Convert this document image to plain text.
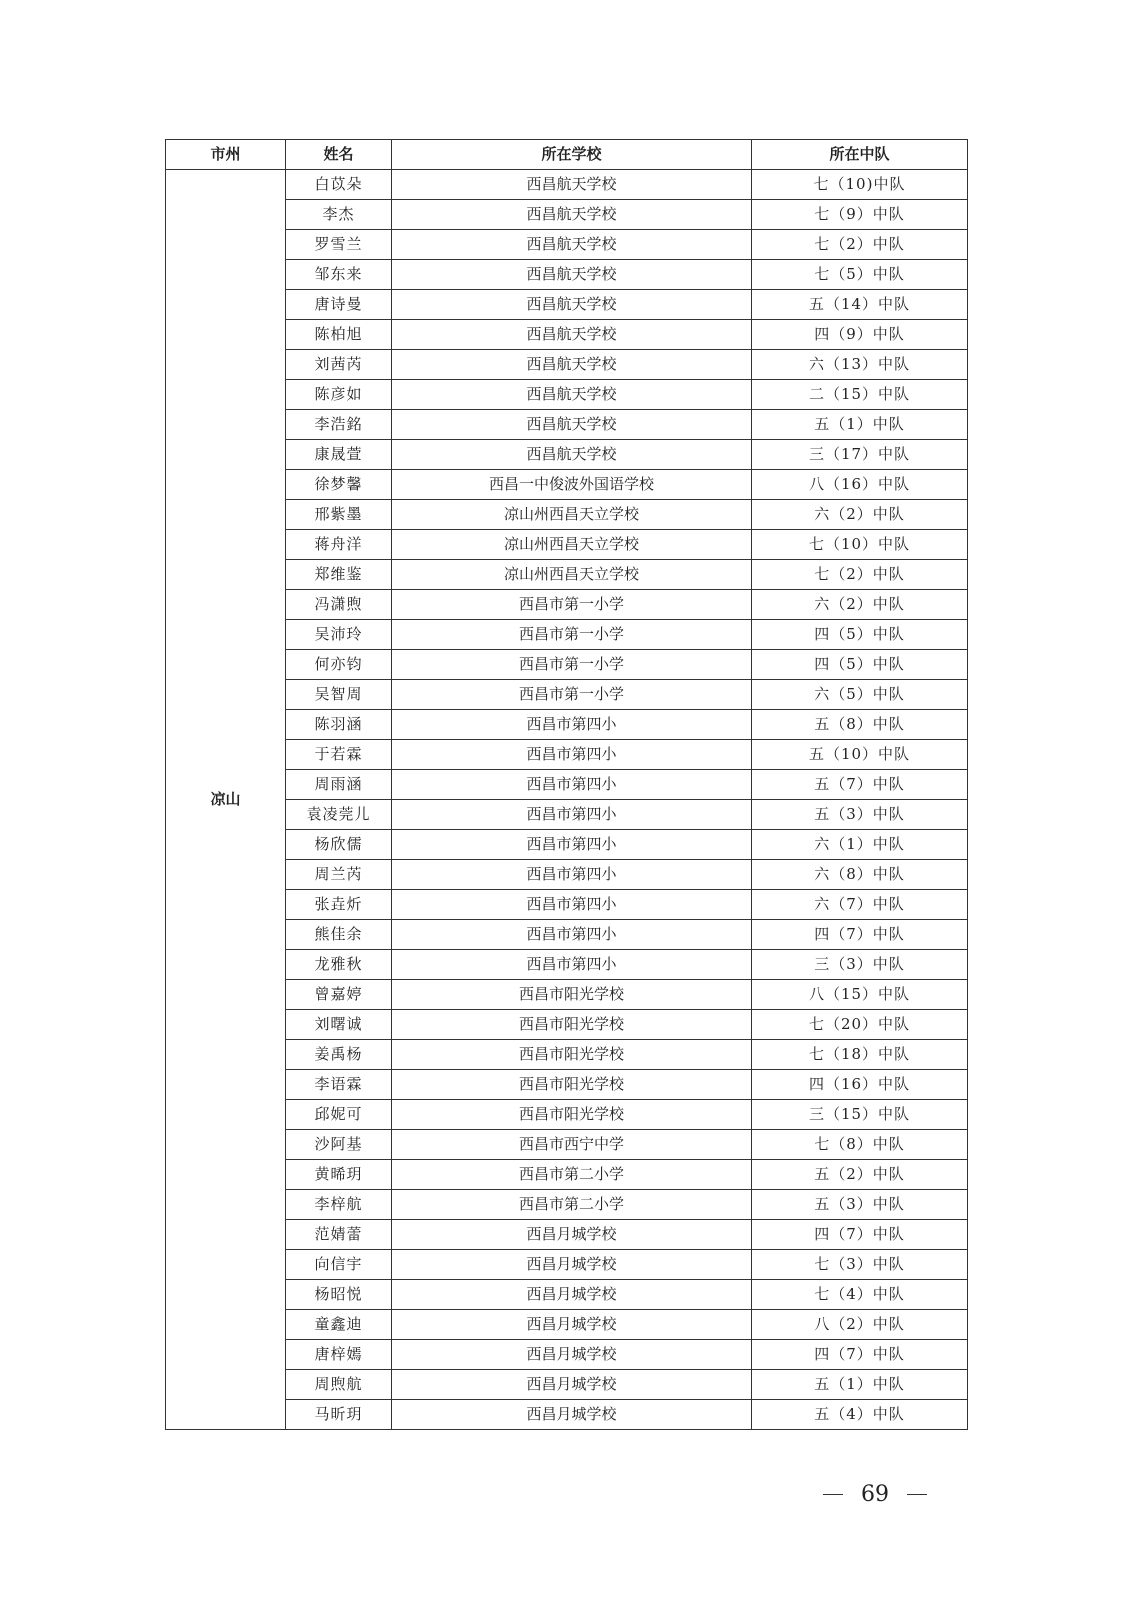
市州	姓名	所在学校	所在中队
凉山	白苡朵	西昌航天学校	七（10)中队
	李杰	西昌航天学校	七（9）中队
	罗雪兰	西昌航天学校	七（2）中队
	邹东来	西昌航天学校	七（5）中队
	唐诗曼	西昌航天学校	五（14）中队
	陈柏旭	西昌航天学校	四（9）中队
	刘茜芮	西昌航天学校	六（13）中队
	陈彦如	西昌航天学校	二（15）中队
	李浩銘	西昌航天学校	五（1）中队
	康晟萱	西昌航天学校	三（17）中队
	徐梦馨	西昌一中俊波外国语学校	八（16）中队
	邢紫墨	凉山州西昌天立学校	六（2）中队
	蒋舟洋	凉山州西昌天立学校	七（10）中队
	郑维鉴	凉山州西昌天立学校	七（2）中队
	冯潇煦	西昌市第一小学	六（2）中队
	吴沛玲	西昌市第一小学	四（5）中队
	何亦钧	西昌市第一小学	四（5）中队
	吴智周	西昌市第一小学	六（5）中队
	陈羽涵	西昌市第四小	五（8）中队
	于若霖	西昌市第四小	五（10）中队
	周雨涵	西昌市第四小	五（7）中队
	袁凌莞儿	西昌市第四小	五（3）中队
	杨欣儒	西昌市第四小	六（1）中队
	周兰芮	西昌市第四小	六（8）中队
	张垚炘	西昌市第四小	六（7）中队
	熊佳余	西昌市第四小	四（7）中队
	龙雅秋	西昌市第四小	三（3）中队
	曾嘉婷	西昌市阳光学校	八（15）中队
	刘曙诚	西昌市阳光学校	七（20）中队
	姜禹杨	西昌市阳光学校	七（18）中队
	李语霖	西昌市阳光学校	四（16）中队
	邱妮可	西昌市阳光学校	三（15）中队
	沙阿基	西昌市西宁中学	七（8）中队
	黄晞玥	西昌市第二小学	五（2）中队
	李梓航	西昌市第二小学	五（3）中队
	范婧蕾	西昌月城学校	四（7）中队
	向信宇	西昌月城学校	七（3）中队
	杨昭悦	西昌月城学校	七（4）中队
	童鑫迪	西昌月城学校	八（2）中队
	唐梓嫣	西昌月城学校	四（7）中队
	周煦航	西昌月城学校	五（1）中队
	马昕玥	西昌月城学校	五（4）中队
69
